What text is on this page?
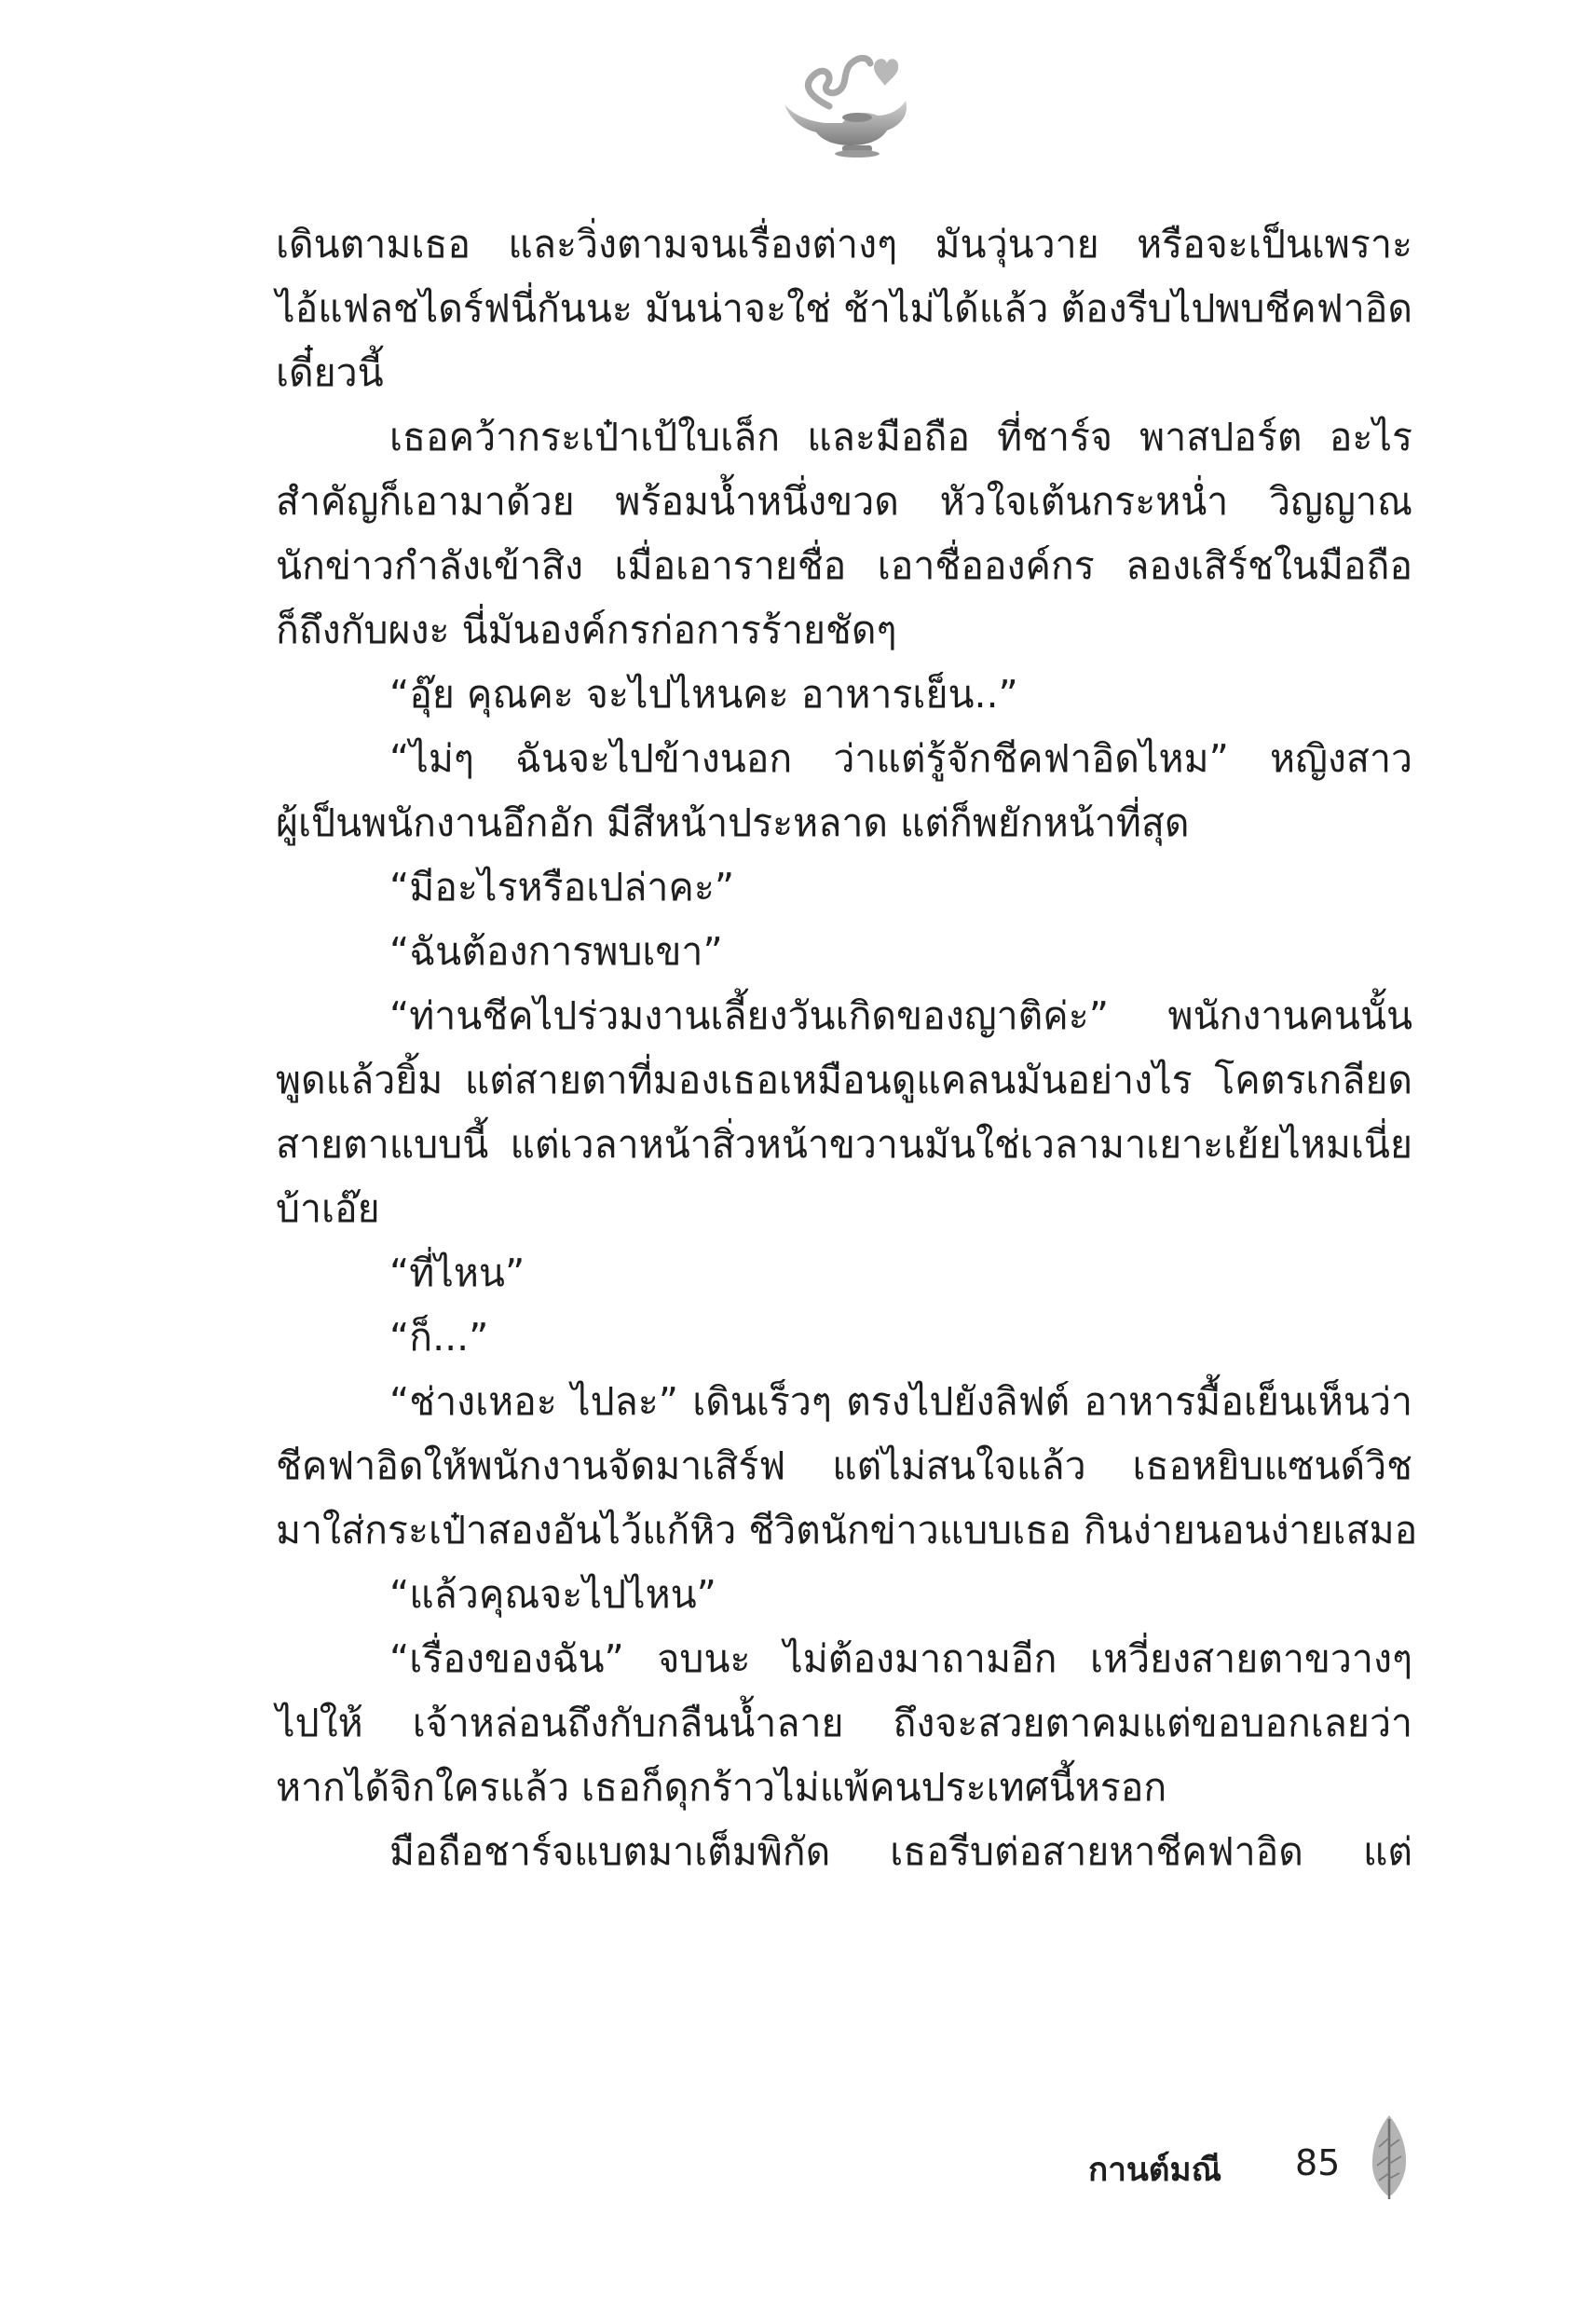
เดินตามเธอ และวิ่งตามจนเรื่องต่างๆ มันวุ่นวาย หรือจะเป็นเพราะ
ไอ้แฟลชไดร์ฟนี่กันนะ มันน่าจะใช่ ช้าไม่ได้แล้ว ต้องรีบไปพบชีคฟาอิด
เดี๋ยวนี้
เธอคว้ากระเป๋าเป้ใบเล็ก และมือถือ ที่ชาร์จ พาสปอร์ต อะไร
สำคัญก็เอามาด้วย พร้อมน้ำหนึ่งขวด หัวใจเต้นกระหน่ำ วิญญาณ
นักข่าวกำลังเข้าสิง เมื่อเอารายชื่อ เอาชื่อองค์กร ลองเสิร์ชในมือถือ
ก็ถึงกับผงะ นี่มันองค์กรก่อการร้ายชัดๆ
“อุ๊ย คุณคะ จะไปไหนคะ อาหารเย็น..”
“ไม่ๆ ฉันจะไปข้างนอก ว่าแต่รู้จักชีคฟาอิดไหม” หญิงสาว
ผู้เป็นพนักงานอึกอัก มีสีหน้าประหลาด แต่ก็พยักหน้าที่สุด
“มีอะไรหรือเปล่าคะ”
“ฉันต้องการพบเขา”
“ท่านชีคไปร่วมงานเลี้ยงวันเกิดของญาติค่ะ” พนักงานคนนั้น
พูดแล้วยิ้ม แต่สายตาที่มองเธอเหมือนดูแคลนมันอย่างไร โคตรเกลียด
สายตาแบบนี้ แต่เวลาหน้าสิ่วหน้าขวานมันใช่เวลามาเยาะเย้ยไหมเนี่ย
บ้าเอ๊ย
“ที่ไหน”
“ก็...”
“ช่างเหอะ ไปละ” เดินเร็วๆ ตรงไปยังลิฟต์ อาหารมื้อเย็นเห็นว่า
ชีคฟาอิดให้พนักงานจัดมาเสิร์ฟ แต่ไม่สนใจแล้ว เธอหยิบแซนด์วิช
มาใส่กระเป๋าสองอันไว้แก้หิว ชีวิตนักข่าวแบบเธอ กินง่ายนอนง่ายเสมอ
“แล้วคุณจะไปไหน”
“เรื่องของฉัน” จบนะ ไม่ต้องมาถามอีก เหวี่ยงสายตาขวางๆ
ไปให้ เจ้าหล่อนถึงกับกลืนน้ำลาย ถึงจะสวยตาคมแต่ขอบอกเลยว่า
หากได้จิกใครแล้ว เธอก็ดุกร้าวไม่แพ้คนประเทศนี้หรอก
มือถือชาร์จแบตมาเต็มพิกัด เธอรีบต่อสายหาชีคฟาอิด แต่
กานต์มณี 85
